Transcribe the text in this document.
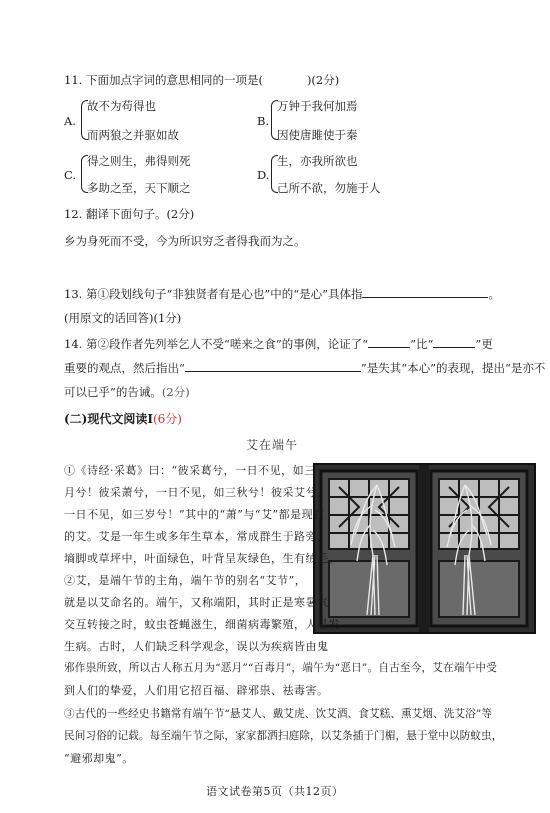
11. 下面加点字词的意思相同的一项是(	)(2分)
A.
故不为苟得也
而两狼之并驱如故
B.
万钟于我何加焉
因使唐雎使于秦
C.
得之则生，弗得则死
多助之至，天下顺之
D.
生，亦我所欲也
己所不欲，勿施于人
12. 翻译下面句子。(2分)
乡为身死而不受，今为所识穷乏者得我而为之。
13. 第①段划线句子“非独贤者有是心也”中的“是心”具体指	。
(用原文的话回答)(1分)
14. 第②段作者先列举乞人不受“嗟来之食”的事例，论证了“	”比“	”更
重要的观点，然后指出“	”是失其“本心”的表现，提出“是亦不
可以已乎”的告诫。(2分)
(二)现代文阅读Ⅰ(6分)
艾在端午
①《诗经·采葛》曰：“彼采葛兮，一日不见，如三
月兮！彼采萧兮，一日不见，如三秋兮！彼采艾兮，
一日不见，如三岁兮！”其中的“萧”与“艾”都是现在
的艾。艾是一年生或多年生草本，常成群生于路旁、
墒脚或草坪中，叶面绿色，叶背呈灰绿色，生有绒毛。
②艾，是端午节的主角，端午节的别名“艾节”，
就是以艾命名的。端午，又称端阳，其时正是寒暑气
交互转接之时，蚊虫苍蝇滋生，细菌病毒繁殖，人易发
生病。古时，人们缺乏科学观念，误以为疾病皆由鬼
邪作祟所致，所以古人称五月为“恶月”“百毒月”，端午为“恶日”。自古至今，艾在端午中受
到人们的挚爱，人们用它招百福、辟邪祟、祛毒害。
③古代的一些经史书籍常有端午节“悬艾人、戴艾虎、饮艾酒、食艾糕、熏艾烟、洗艾浴”等
民间习俗的记载。每至端午节之际，家家都洒扫庭除，以艾条插于门楣，悬于堂中以防蚊虫，
“避邪却鬼”。
语文试卷第5页（共12页）
